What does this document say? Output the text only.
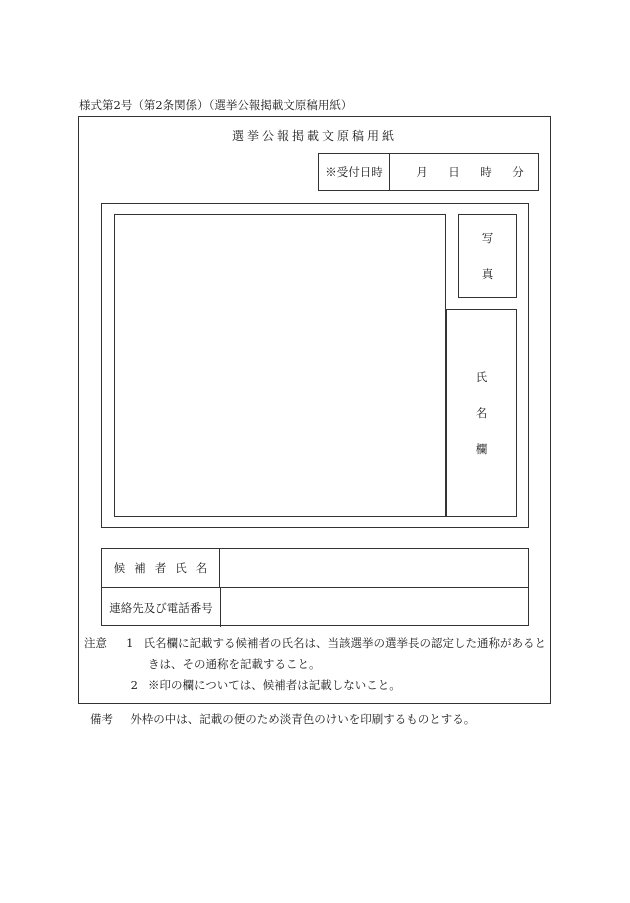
様式第2号（第2条関係）（選挙公報掲載文原稿用紙）
選挙公報掲載文原稿用紙
※受付日時	月 日 時 分
写
真
氏
名
欄
候補者氏名
連絡先及び電話番号
注意	1 氏名欄に記載する候補者の氏名は、当該選挙の選挙長の認定した通称があると
きは、その通称を記載すること。
2 ※印の欄については、候補者は記載しないこと。
備考 外枠の中は、記載の便のため淡青色のけいを印刷するものとする。
